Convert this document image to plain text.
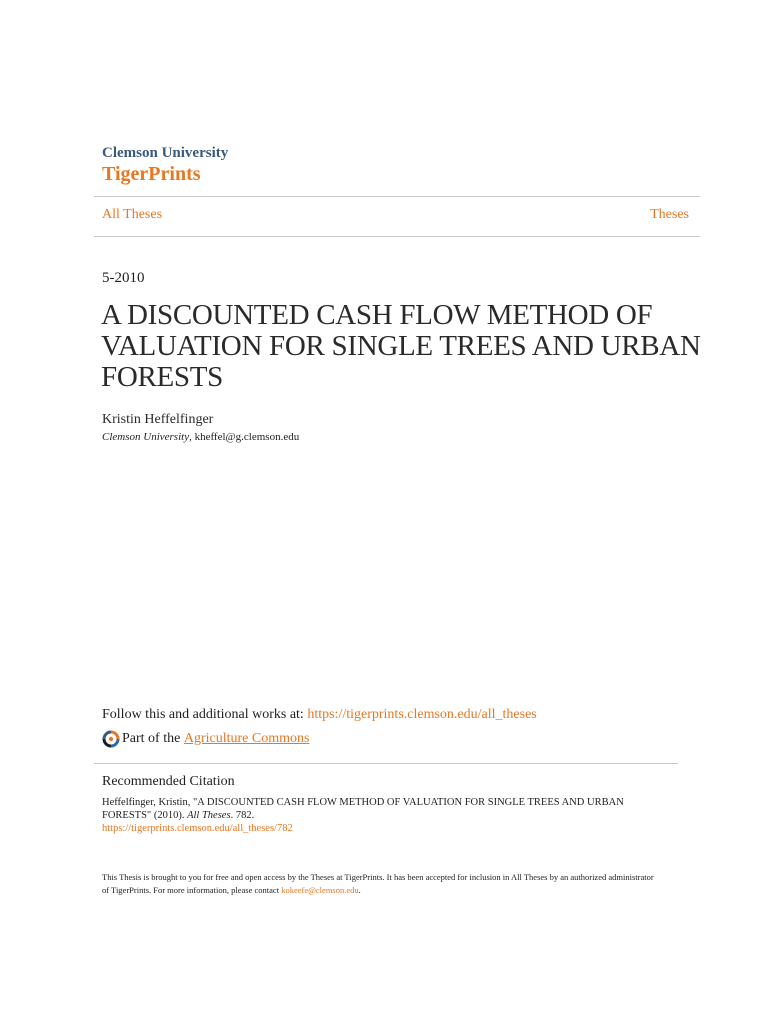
Clemson University
TigerPrints
All Theses	Theses
5-2010
A DISCOUNTED CASH FLOW METHOD OF VALUATION FOR SINGLE TREES AND URBAN FORESTS
Kristin Heffelfinger
Clemson University, kheffel@g.clemson.edu
Follow this and additional works at: https://tigerprints.clemson.edu/all_theses
Part of the Agriculture Commons
Recommended Citation
Heffelfinger, Kristin, "A DISCOUNTED CASH FLOW METHOD OF VALUATION FOR SINGLE TREES AND URBAN FORESTS" (2010). All Theses. 782.
https://tigerprints.clemson.edu/all_theses/782
This Thesis is brought to you for free and open access by the Theses at TigerPrints. It has been accepted for inclusion in All Theses by an authorized administrator of TigerPrints. For more information, please contact kokeefe@clemson.edu.
